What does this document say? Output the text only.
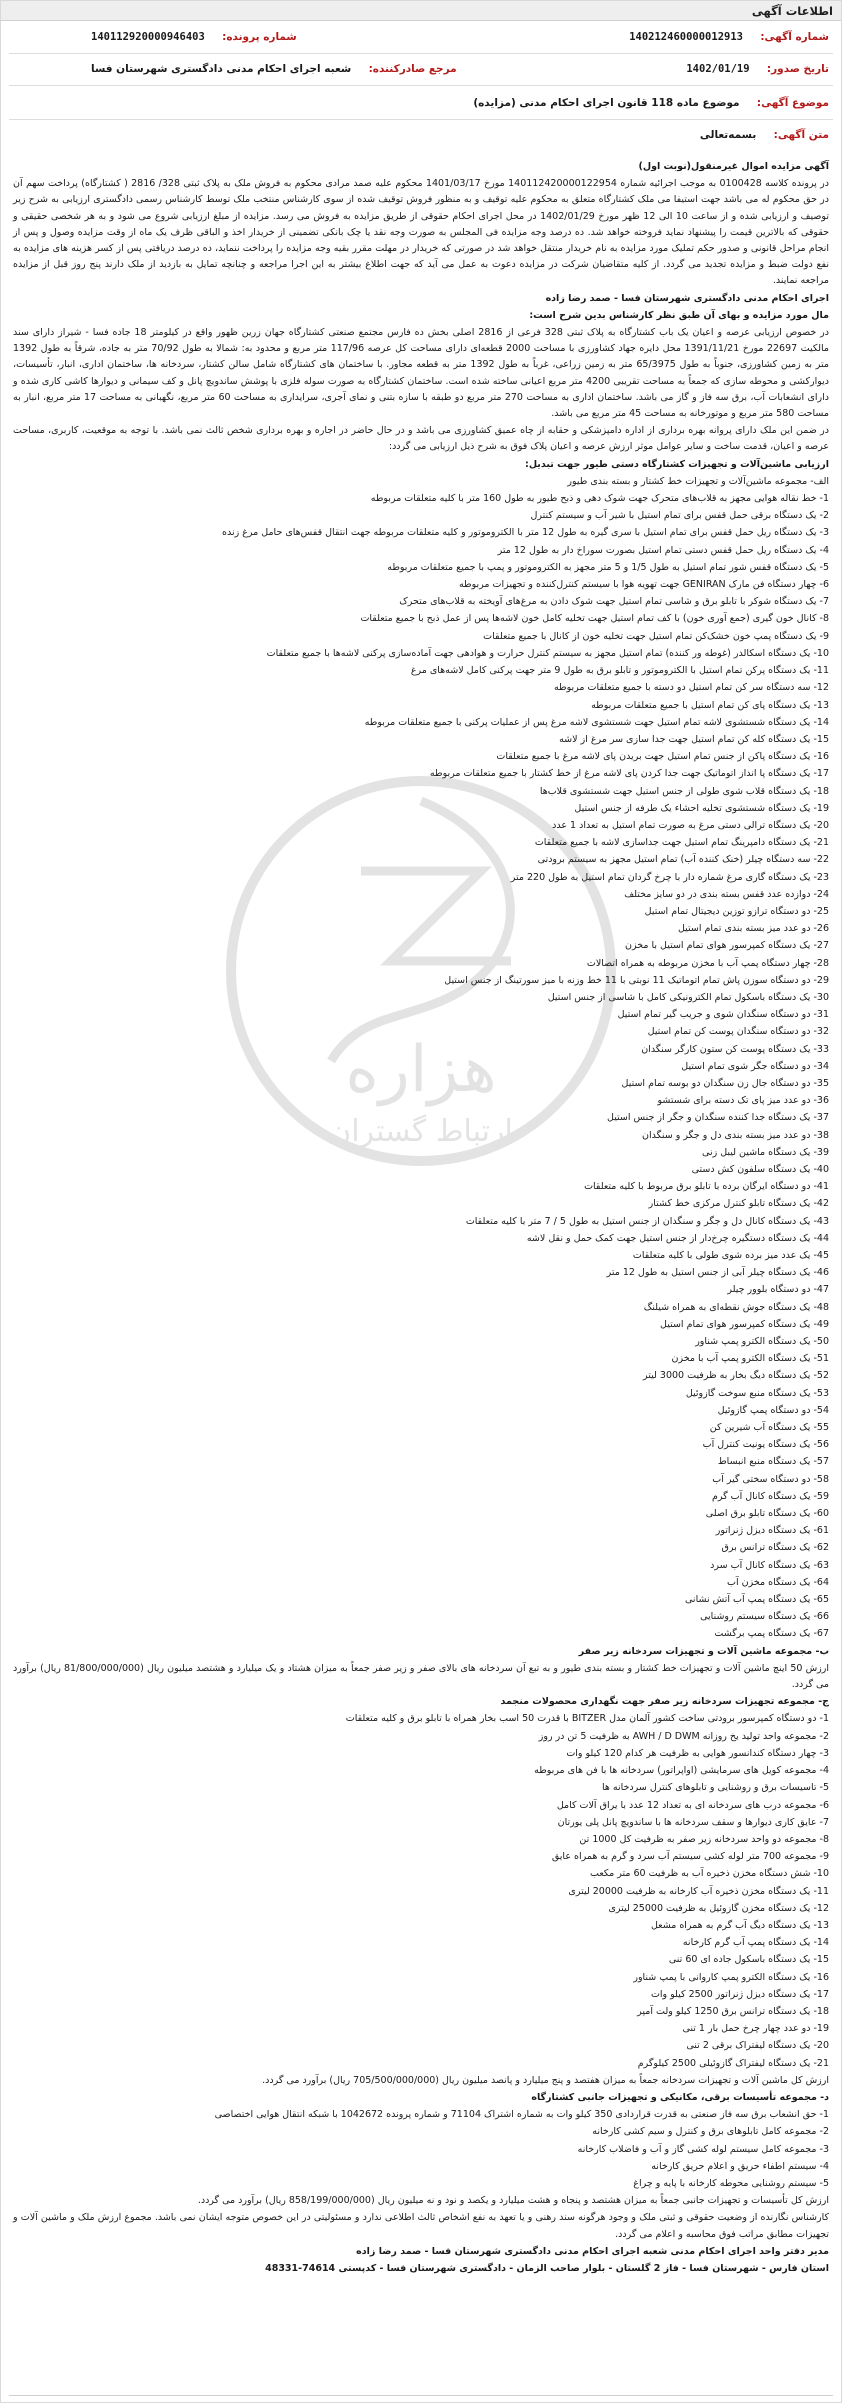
اطلاعات آگهی
شماره آگهی: 140212460000012913
شماره پرونده: 140112920000946403
تاریخ صدور: 1402/01/19
مرجع صادرکننده: شعبه اجرای احکام مدنی دادگستری شهرستان فسا
موضوع آگهی: موضوع ماده 118 قانون اجرای احکام مدنی (مزایده)
متن آگهی: بسمه‌تعالی
هزاره
ارتباط گستران

آگهی مزایده اموال غیرمنقول(نوبت اول)

در پرونده کلاسه 0100428 به موجب اجرائیه شماره 140112420000122954 مورخ 1401/03/17 محکوم علیه صمد مرادی محکوم به فروش ملک به پلاک ثبتی 328/ 2816 ( کشتارگاه) پرداخت سهم آن در حق محکوم له می باشد جهت استیفا می ملک کشتارگاه متعلق به محکوم علیه توقیف و به منظور فروش توقیف شده از سوی کارشناس منتخب ملک توسط کارشناس رسمی دادگستری ارزیابی به شرح زیر توصیف و ارزیابی شده و از ساعت 10 الی 12 ظهر مورخ 1402/01/29 در محل اجرای احکام حقوقی از طریق مزایده به فروش می رسد. مزایده از مبلغ ارزیابی شروع می شود و به هر شخصی حقیقی و حقوقی که بالاترین قیمت را پیشنهاد نماید فروخته خواهد شد. ده درصد وجه مزایده فی المجلس به صورت وجه نقد یا چک بانکی تضمینی از خریدار اخذ و الباقی ظرف یک ماه از وقت مزایده وصول و پس از انجام مراحل قانونی و صدور حکم تملیک مورد مزایده به نام خریدار منتقل خواهد شد در صورتی که خریدار در مهلت مقرر بقیه وجه مزایده را پرداخت ننماید، ده درصد دریافتی پس از کسر هزینه های مزایده به نفع دولت ضبط و مزایده تجدید می گردد. از کلیه متقاضیان شرکت در مزایده دعوت به عمل می آید که جهت اطلاع بیشتر به این اجرا مراجعه و چنانچه تمایل به بازدید از ملک دارند پنج روز قبل از مزایده مراجعه نمایند.

اجرای احکام مدنی دادگستری شهرستان فسا - صمد رضا زاده

مال مورد مزایده و بهای آن طبق نظر کارشناس بدین شرح است:

در خصوص ارزیابی عرصه و اعیان یک باب کشتارگاه به پلاک ثبتی 328 فرعی از 2816 اصلی بخش ده فارس مجتمع صنعتی کشتارگاه جهان زرین ظهور واقع در کیلومتر 18 جاده فسا - شیراز دارای سند مالکیت 22697 مورخ 1391/11/21 محل دایره جهاد کشاورزی با مساحت 2000 قطعه‌ای دارای مساحت کل عرصه 117/96 متر مربع و محدود به: شمالا به طول 70/92 متر به جاده، شرقاً به طول 1392 متر به زمین کشاورزی، جنوباً به طول 65/3975 متر به زمین زراعی، غرباً به طول 1392 متر به قطعه مجاور. با ساختمان های کشتارگاه شامل سالن کشتار، سردخانه ها، ساختمان اداری، انبار، تأسیسات، دیوارکشی و محوطه سازی که جمعاً به مساحت تقریبی 4200 متر مربع اعیانی ساخته شده است. ساختمان کشتارگاه به صورت سوله فلزی با پوشش ساندویچ پانل و کف سیمانی و دیوارها کاشی کاری شده و دارای انشعابات آب، برق سه فاز و گاز می باشد. ساختمان اداری به مساحت 270 متر مربع دو طبقه با سازه بتنی و نمای آجری، سرایداری به مساحت 60 متر مربع، نگهبانی به مساحت 17 متر مربع، انبار به مساحت 580 متر مربع و موتورخانه به مساحت 45 متر مربع می باشد.

در ضمن این ملک دارای پروانه بهره برداری از اداره دامپزشکی و حقابه از چاه عمیق کشاورزی می باشد و در حال حاضر در اجاره و بهره برداری شخص ثالث نمی باشد. با توجه به موقعیت، کاربری، مساحت عرصه و اعیان، قدمت ساخت و سایر عوامل موثر ارزش عرصه و اعیان پلاک فوق به شرح ذیل ارزیابی می گردد:

ارزیابی ماشین‌آلات و تجهیزات کشتارگاه دستی طیور جهت تبدیل:

الف- مجموعه ماشین‌آلات و تجهیزات خط کشتار و بسته بندی طیور

1- خط نقاله هوایی مجهز به قلاب‌های متحرک جهت شوک دهی و ذبح طیور به طول 160 متر با کلیه متعلقات مربوطه

2- یک دستگاه برقی حمل قفس برای تمام استیل با شیر آب و سیستم کنترل

3- یک دستگاه ریل حمل قفس برای تمام استیل با سری گیره به طول 12 متر با الکتروموتور و کلیه متعلقات مربوطه جهت انتقال قفس‌های حامل مرغ زنده

4- یک دستگاه ریل حمل قفس دستی تمام استیل بصورت سوراخ دار به طول 12 متر

5- یک دستگاه قفس شور تمام استیل به طول 1/5 و 5 متر مجهز به الکتروموتور و پمپ با جمیع متعلقات مربوطه

6- چهار دستگاه فن مارک GENIRAN جهت تهویه هوا با سیستم کنترل‌کننده و تجهیزات مربوطه

7- یک دستگاه شوکر با تابلو برق و شاسی تمام استیل جهت شوک دادن به مرغ‌های آویخته به قلاب‌های متحرک

8- کانال خون گیری (جمع آوری خون) با کف تمام استیل جهت تخلیه کامل خون لاشه‌ها پس از عمل ذبح با جمیع متعلقات

9- یک دستگاه پمپ خون خشک‌کن تمام استیل جهت تخلیه خون از کانال با جمیع متعلقات

10- یک دستگاه اسکالدر (غوطه ور کننده) تمام استیل مجهز به سیستم کنترل حرارت و هوادهی جهت آماده‌سازی پرکنی لاشه‌ها با جمیع متعلقات

11- یک دستگاه پرکن تمام استیل با الکتروموتور و تابلو برق به طول 9 متر جهت پرکنی کامل لاشه‌های مرغ

12- سه دستگاه سر کن تمام استیل دو دسته با جمیع متعلقات مربوطه

13- یک دستگاه پای کن تمام استیل با جمیع متعلقات مربوطه

14- یک دستگاه شستشوی لاشه تمام استیل جهت شستشوی لاشه مرغ پس از عملیات پرکنی با جمیع متعلقات مربوطه

15- یک دستگاه کله کن تمام استیل جهت جدا سازی سر مرغ از لاشه

16- یک دستگاه پاکن از جنس تمام استیل جهت بریدن پای لاشه مرغ با جمیع متعلقات

17- یک دستگاه پا انداز اتوماتیک جهت جدا کردن پای لاشه مرغ از خط کشتار با جمیع متعلقات مربوطه

18- یک دستگاه قلاب شوی طولی از جنس استیل جهت شستشوی قلاب‌ها

19- یک دستگاه شستشوی تخلیه احشاء یک طرفه از جنس استیل

20- یک دستگاه ترالی دستی مرغ به صورت تمام استیل به تعداد 1 عدد

21- یک دستگاه دامپرینگ تمام استیل جهت جداسازی لاشه با جمیع متعلقات

22- سه دستگاه چیلر (خنک کننده آب) تمام استیل مجهز به سیستم برودتی

23- یک دستگاه گاری مرغ شماره دار با چرخ گردان تمام استیل به طول 220 متر

24- دوازده عدد قفس بسته بندی در دو سایز مختلف

25- دو دستگاه ترازو توزین دیجیتال تمام استیل

26- دو عدد میز بسته بندی تمام استیل

27- یک دستگاه کمپرسور هوای تمام استیل با مخزن

28- چهار دستگاه پمپ آب با مخزن مربوطه به همراه اتصالات

29- دو دستگاه سوزن پاش تمام اتوماتیک 11 نوبتی با 11 خط وزنه با میز سورتینگ از جنس استیل

30- یک دستگاه باسکول تمام الکترونیکی کامل با شاسی از جنس استیل

31- دو دستگاه سنگدان شوی و جریب گیر تمام استیل

32- دو دستگاه سنگدان پوست کن تمام استیل

33- یک دستگاه پوست کن ستون کارگر سنگدان

34- دو دستگاه جگر شوی تمام استیل

35- دو دستگاه جال زن سنگدان دو بوسه تمام استیل

36- دو عدد میز پای تک دسته برای شستشو

37- یک دستگاه جدا کننده سنگدان و جگر از جنس استیل

38- دو عدد میز بسته بندی دل و جگر و سنگدان

39- یک دستگاه ماشین لیبل زنی

40- یک دستگاه سلفون کش دستی

41- دو دستگاه ایرگان برده با تابلو برق مربوط با کلیه متعلقات

42- یک دستگاه تابلو کنترل مرکزی خط کشتار

43- یک دستگاه کانال دل و جگر و سنگدان از جنس استیل به طول 5 / 7 متر با کلیه متعلقات

44- یک دستگاه دستگیره چرخ‌دار از جنس استیل جهت کمک حمل و نقل لاشه

45- یک عدد میز برده شوی طولی با کلیه متعلقات

46- یک دستگاه چیلر آبی از جنس استیل به طول 12 متر

47- دو دستگاه بلوور چیلر

48- یک دستگاه جوش نقطه‌ای به همراه شیلنگ

49- یک دستگاه کمپرسور هوای تمام استیل

50- یک دستگاه الکترو پمپ شناور

51- یک دستگاه الکترو پمپ آب با مخزن

52- یک دستگاه دیگ بخار به ظرفیت 3000 لیتر

53- یک دستگاه منبع سوخت گازوئیل

54- دو دستگاه پمپ گازوئیل

55- یک دستگاه آب شیرین کن

56- یک دستگاه یونیت کنترل آب

57- یک دستگاه منبع انبساط

58- دو دستگاه سختی گیر آب

59- یک دستگاه کانال آب گرم

60- یک دستگاه تابلو برق اصلی

61- یک دستگاه دیزل ژنراتور

62- یک دستگاه ترانس برق

63- یک دستگاه کانال آب سرد

64- یک دستگاه مخزن آب

65- یک دستگاه پمپ آب آتش نشانی

66- یک دستگاه سیستم روشنایی

67- یک دستگاه پمپ برگشت

ب- مجموعه ماشین آلات و تجهیزات سردخانه زیر صفر

ارزش 50 اینچ ماشین آلات و تجهیزات خط کشتار و بسته بندی طیور و به تبع آن سردخانه های بالای صفر و زیر صفر جمعاً به میزان هشتاد و یک میلیارد و هشتصد میلیون ریال (81/800/000/000 ریال) برآورد می گردد.

ج- مجموعه تجهیزات سردخانه زیر صفر جهت نگهداری محصولات منجمد

1- دو دستگاه کمپرسور برودتی ساخت کشور آلمان مدل BITZER با قدرت 50 اسب بخار همراه با تابلو برق و کلیه متعلقات

2- مجموعه واحد تولید یخ روزانه AWH / D DWM به ظرفیت 5 تن در روز

3- چهار دستگاه کندانسور هوایی به ظرفیت هر کدام 120 کیلو وات

4- مجموعه کویل های سرمایشی (اواپراتور) سردخانه ها با فن های مربوطه

5- تاسیسات برق و روشنایی و تابلوهای کنترل سردخانه ها

6- مجموعه درب های سردخانه ای به تعداد 12 عدد با یراق آلات کامل

7- عایق کاری دیوارها و سقف سردخانه ها با ساندویچ پانل پلی یورتان

8- مجموعه دو واحد سردخانه زیر صفر به ظرفیت کل 1000 تن

9- مجموعه 700 متر لوله کشی سیستم آب سرد و گرم به همراه عایق

10- شش دستگاه مخزن ذخیره آب به ظرفیت 60 متر مکعب

11- یک دستگاه مخزن ذخیره آب کارخانه به ظرفیت 20000 لیتری

12- یک دستگاه مخزن گازوئیل به ظرفیت 25000 لیتری

13- یک دستگاه دیگ آب گرم به همراه مشعل

14- یک دستگاه پمپ آب گرم کارخانه

15- یک دستگاه باسکول جاده ای 60 تنی

16- یک دستگاه الکترو پمپ کاروانی با پمپ شناور

17- یک دستگاه دیزل ژنراتور 2500 کیلو وات

18- یک دستگاه ترانس برق 1250 کیلو ولت آمپر

19- دو عدد چهار چرخ حمل بار 1 تنی

20- یک دستگاه لیفتراک برقی 2 تنی

21- یک دستگاه لیفتراک گازوئیلی 2500 کیلوگرم

ارزش کل ماشین آلات و تجهیزات سردخانه جمعاً به میزان هفتصد و پنج میلیارد و پانصد میلیون ریال (705/500/000/000 ریال) برآورد می گردد.

د- مجموعه تأسیسات برقی، مکانیکی و تجهیزات جانبی کشتارگاه

1- حق انشعاب برق سه فاز صنعتی به قدرت قراردادی 350 کیلو وات به شماره اشتراک 71104 و شماره پرونده 1042672 با شبکه انتقال هوایی اختصاصی

2- مجموعه کامل تابلوهای برق و کنترل و سیم کشی کارخانه

3- مجموعه کامل سیستم لوله کشی گاز و آب و فاضلاب کارخانه

4- سیستم اطفاء حریق و اعلام حریق کارخانه

5- سیستم روشنایی محوطه کارخانه با پایه و چراغ

ارزش کل تأسیسات و تجهیزات جانبی جمعاً به میزان هشتصد و پنجاه و هشت میلیارد و یکصد و نود و نه میلیون ریال (858/199/000/000 ریال) برآورد می گردد.

کارشناس نگارنده از وضعیت حقوقی و ثبتی ملک و وجود هرگونه سند رهنی و یا تعهد به نفع اشخاص ثالث اطلاعی ندارد و مسئولیتی در این خصوص متوجه ایشان نمی باشد. مجموع ارزش ملک و ماشین آلات و تجهیزات مطابق مراتب فوق محاسبه و اعلام می گردد.

مدیر دفتر واحد اجرای احکام مدنی شعبه اجرای احکام مدنی دادگستری شهرستان فسا - صمد رضا زاده

استان فارس - شهرستان فسا - فاز 2 گلستان - بلوار صاحب الزمان - دادگستری شهرستان فسا - کدپستی 74614-48331
